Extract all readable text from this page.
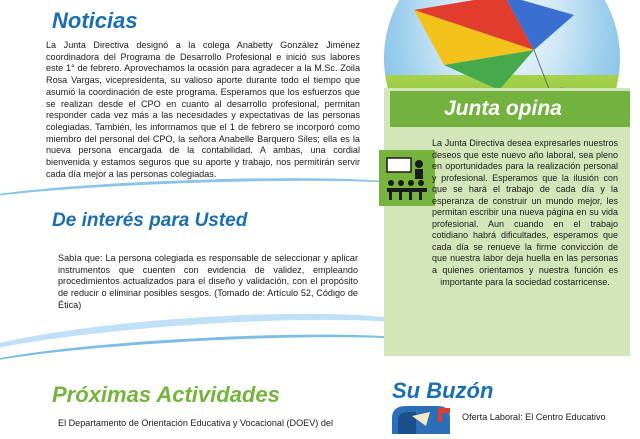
Noticias

La Junta Directiva designó a la colega Anabetty González Jiménez coordinadora del Programa de Desarrollo Profesional e inició sus labores este 1° de febrero. Aprovechamos la ocasión para agradecer a la M.Sc. Zoila Rosa Vargas, vicepresidenta, su valioso aporte durante todo el tiempo que asumió la coordinación de este programa. Esperamos que los esfuerzos que se realizan desde el CPO en cuanto al desarrollo profesional, permitan responder cada vez más a las necesidades y expectativas de las personas colegiadas. También, les informamos que el 1 de febrero se incorporó como miembro del personal del CPO, la señora Anabelle Barquero Siles; ella es la nueva persona encargada de la contabilidad. A ambas, una cordial bienvenida y estamos seguros que su aporte y trabajo, nos permitirán servir cada día mejor a las personas colegiadas.

De interés para Usted

Sabía que: La persona colegiada es responsable de seleccionar y aplicar instrumentos que cuenten con evidencia de validez, empleando procedimientos actualizados para el diseño y validación, con el propósito de reducir o eliminar posibles sesgos. (Tomado de: Artículo 52, Código de Ética)

Próximas Actividades

El Departamento de Orientación Educativa y Vocacional (DOEV) del

Junta opina

La Junta Directiva desea expresarles nuestros deseos que este nuevo año laboral, sea pleno en oportunidades para la realización personal y profesional. Esperamos que la ilusión con que se hará el trabajo de cada día y la esperanza de construir un mundo mejor, les permitan escribir una nueva página en su vida profesional. Aun cuando en el trabajo cotidiano habrá dificultades, esperamos que cada día se renueve la firme convicción de que nuestra labor deja huella en las personas a quienes orientamos y nuestra función es importante para la sociedad costarricense.

Su Buzón

Oferta Laboral: El Centro Educativo
